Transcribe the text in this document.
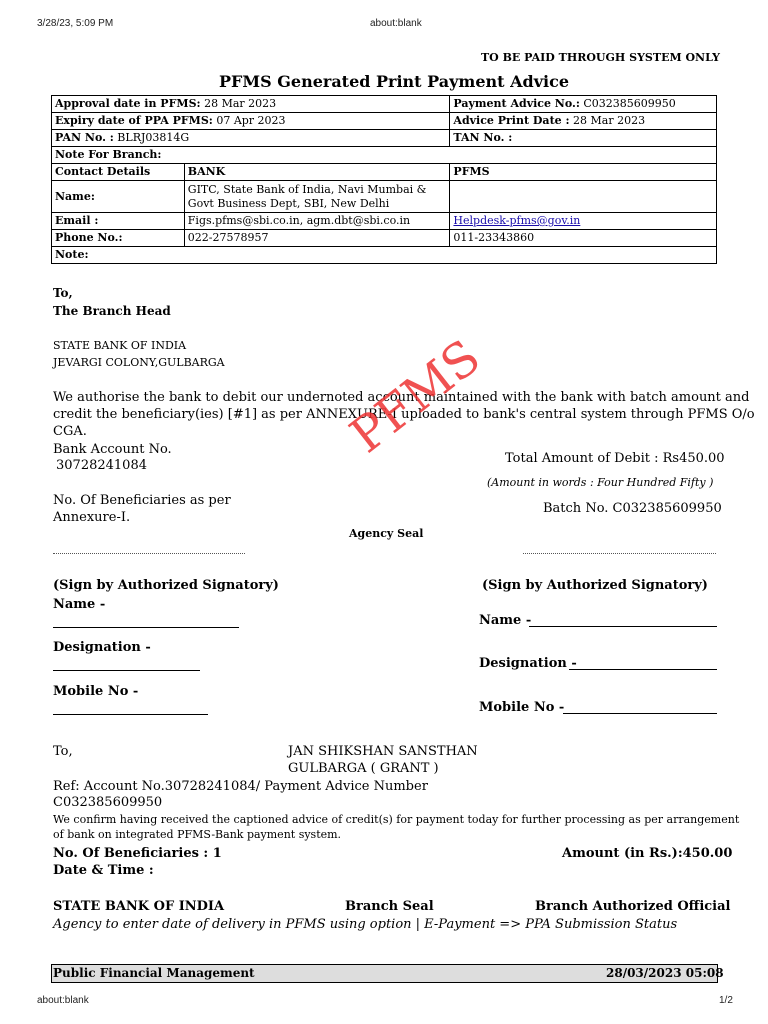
3/28/23, 5:09 PM	about:blank
TO BE PAID THROUGH SYSTEM ONLY
PFMS Generated Print Payment Advice
Approval date in PFMS: 28 Mar 2023		Payment Advice No.: C032385609950
Expiry date of PPA PFMS: 07 Apr 2023		Advice Print Date : 28 Mar 2023
PAN No. : BLRJ03814G		TAN No. :
Note For Branch:		
Contact Details	BANK	PFMS
Name:	GITC, State Bank of India, Navi Mumbai &
Govt Business Dept, SBI, New Delhi	

Email :	Figs.pfms@sbi.co.in, agm.dbt@sbi.co.in	Helpdesk-pfms@gov.in
Phone No.:	022-27578957	011-23343860
Note:		
To,
The Branch Head
STATE BANK OF INDIA
JEVARGI COLONY,GULBARGA
We authorise the bank to debit our undernoted account maintained with the bank with batch amount and
credit the beneficiary(ies) [#1] as per ANNEXURE-I uploaded to bank's central system through PFMS O/o
CGA.
Bank Account No.
30728241084	Total Amount of Debit : Rs450.00
(Amount in words : Four Hundred Fifty )
No. Of Beneficiaries as per
Annexure-I.
Batch No. C032385609950
Agency Seal
PFMS
(Sign by Authorized Signatory)
Name -
Designation -
Mobile No -
(Sign by Authorized Signatory)
Name -
Designation -
Mobile No -
To,	JAN SHIKSHAN SANSTHAN
GULBARGA ( GRANT )
Ref: Account No.30728241084/ Payment Advice Number
C032385609950
We confirm having received the captioned advice of credit(s) for payment today for further processing as per arrangement
of bank on integrated PFMS-Bank payment system.
No. Of Beneficiaries : 1	Amount (in Rs.):450.00
Date & Time :
STATE BANK OF INDIA	Branch Seal	Branch Authorized Official
Agency to enter date of delivery in PFMS using option | E-Payment => PPA Submission Status
Public Financial Management	28/03/2023 05:08
about:blank	1/2
